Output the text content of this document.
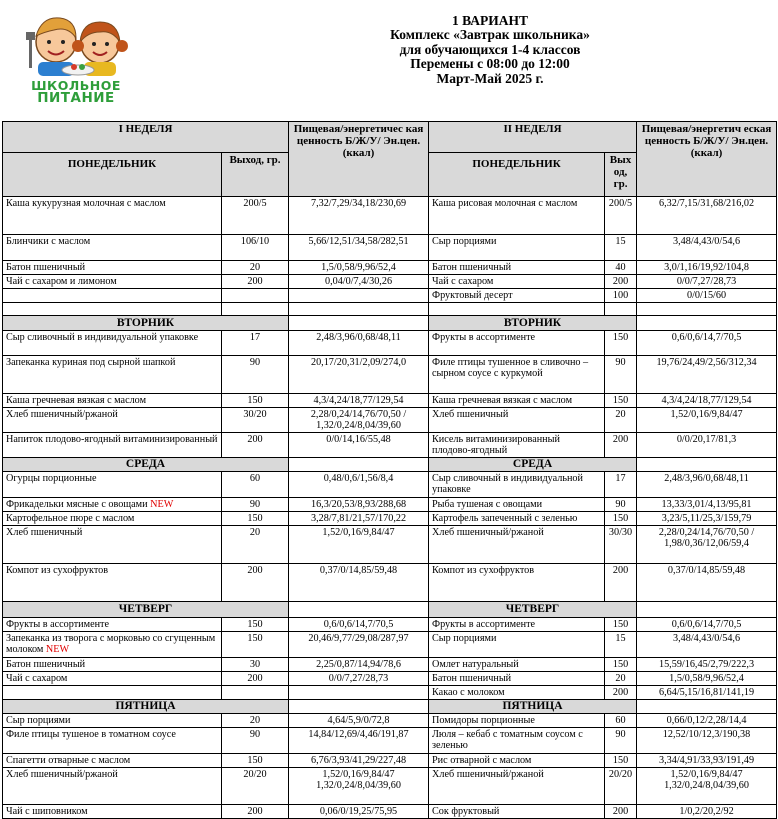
ШКОЛЬНОЕ
ПИТАНИЕ
1 ВАРИАНТ
Комплекс «Завтрак школьника»
для обучающихся 1-4 классов
Перемены с 08:00 до 12:00
Март-Май 2025 г.
I НЕДЕЛЯ		Пищевая/энергетичес кая ценность Б/Ж/У/ Эн.цен.(ккал)	II НЕДЕЛЯ		Пищевая/энергетич еская ценность Б/Ж/У/ Эн.цен.(ккал)
ПОНЕДЕЛЬНИК	Выход, гр.		ПОНЕДЕЛЬНИК	Вых од, гр.	
Каша кукурузная молочная с маслом	200/5	7,32/7,29/34,18/230,69	Каша рисовая молочная с маслом	200/5	6,32/7,15/31,68/216,02
Блинчики с маслом	106/10	5,66/12,51/34,58/282,51	Сыр порциями	15	3,48/4,43/0/54,6
Батон пшеничный	20	1,5/0,58/9,96/52,4	Батон пшеничный	40	3,0/1,16/19,92/104,8
Чай с сахаром и лимоном	200	0,04/0/7,4/30,26	Чай с сахаром	200	0/0/7,27/28,73
			Фруктовый десерт	100	0/0/15/60

ВТОРНИК			ВТОРНИК		
Сыр сливочный в индивидуальной упаковке	17	2,48/3,96/0,68/48,11	Фрукты в ассортименте	150	0,6/0,6/14,7/70,5
Запеканка куриная под сырной шапкой	90	20,17/20,31/2,09/274,0	Филе птицы тушенное в сливочно – сырном соусе с куркумой	90	19,76/24,49/2,56/312,34
Каша гречневая вязкая с маслом	150	4,3/4,24/18,77/129,54	Каша гречневая вязкая с маслом	150	4,3/4,24/18,77/129,54
Хлеб пшеничный/ржаной	30/20	2,28/0,24/14,76/70,50 / 1,32/0,24/8,04/39,60	Хлеб пшеничный	20	1,52/0,16/9,84/47
Напиток плодово-ягодный витаминизированный	200	0/0/14,16/55,48	Кисель витаминизированный плодово-ягодный	200	0/0/20,17/81,3
СРЕДА			СРЕДА		
Огурцы порционные	60	0,48/0,6/1,56/8,4	Сыр сливочный в индивидуальной упаковке	17	2,48/3,96/0,68/48,11
Фрикадельки мясные с овощами NEW	90	16,3/20,53/8,93/288,68	Рыба тушеная с овощами	90	13,33/3,01/4,13/95,81
Картофельное пюре с маслом	150	3,28/7,81/21,57/170,22	Картофель запеченный с зеленью	150	3,23/5,11/25,3/159,79
Хлеб пшеничный	20	1,52/0,16/9,84/47	Хлеб пшеничный/ржаной	30/30	2,28/0,24/14,76/70,50 / 1,98/0,36/12,06/59,4
Компот из сухофруктов	200	0,37/0/14,85/59,48	Компот из сухофруктов	200	0,37/0/14,85/59,48
ЧЕТВЕРГ			ЧЕТВЕРГ		
Фрукты в ассортименте	150	0,6/0,6/14,7/70,5	Фрукты в ассортименте	150	0,6/0,6/14,7/70,5
Запеканка из творога с морковью со сгущенным молоком NEW	150	20,46/9,77/29,08/287,97	Сыр порциями	15	3,48/4,43/0/54,6
Батон пшеничный	30	2,25/0,87/14,94/78,6	Омлет натуральный	150	15,59/16,45/2,79/222,3
Чай с сахаром	200	0/0/7,27/28,73	Батон пшеничный	20	1,5/0,58/9,96/52,4
			Какао с молоком	200	6,64/5,15/16,81/141,19
ПЯТНИЦА			ПЯТНИЦА		
Сыр порциями	20	4,64/5,9/0/72,8	Помидоры порционные	60	0,66/0,12/2,28/14,4
Филе птицы тушеное в томатном соусе	90	14,84/12,69/4,46/191,87	Люля – кебаб с томатным соусом с зеленью	90	12,52/10/12,3/190,38
Спагетти отварные с маслом	150	6,76/3,93/41,29/227,48	Рис отварной с маслом	150	3,34/4,91/33,93/191,49
Хлеб пшеничный/ржаной	20/20	1,52/0,16/9,84/47 1,32/0,24/8,04/39,60	Хлеб пшеничный/ржаной	20/20	1,52/0,16/9,84/47 1,32/0,24/8,04/39,60
Чай с шиповником	200	0,06/0/19,25/75,95	Сок фруктовый	200	1/0,2/20,2/92
